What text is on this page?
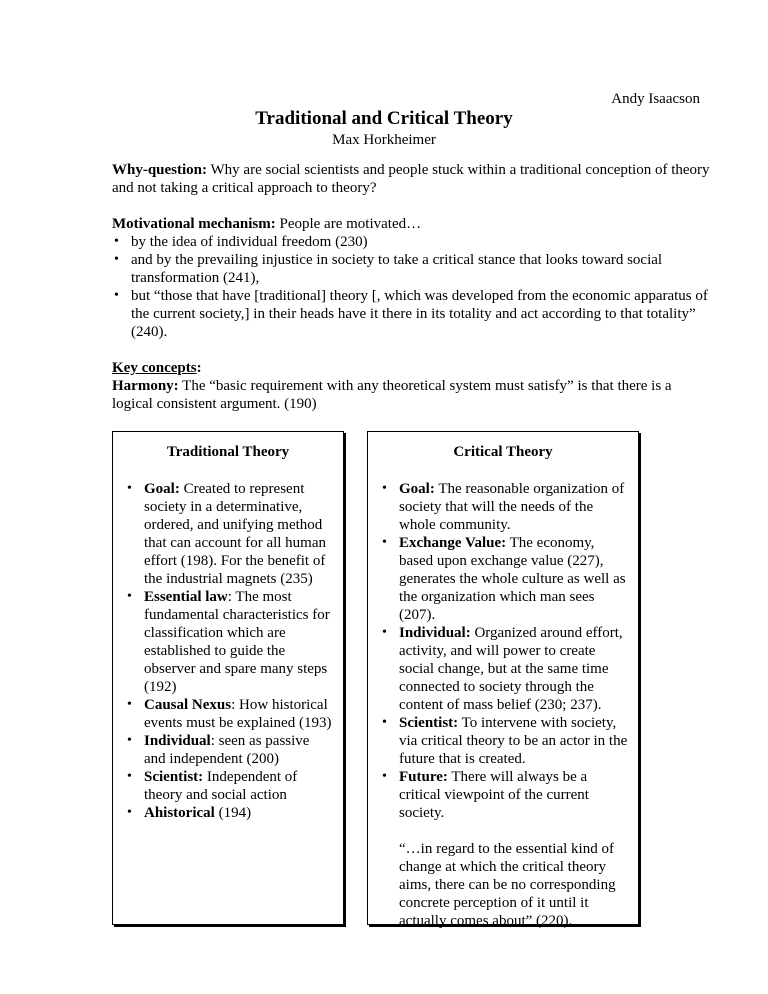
Andy Isaacson
Traditional and Critical Theory
Max Horkheimer
Why-question: Why are social scientists and people stuck within a traditional conception of theory and not taking a critical approach to theory?
Motivational mechanism: People are motivated…
• by the idea of individual freedom (230)
• and by the prevailing injustice in society to take a critical stance that looks toward social transformation (241),
• but “those that have [traditional] theory [, which was developed from the economic apparatus of the current society,] in their heads have it there in its totality and act according to that totality” (240).
Key concepts:
Harmony: The “basic requirement with any theoretical system must satisfy” is that there is a logical consistent argument. (190)
Traditional Theory
• Goal: Created to represent society in a determinative, ordered, and unifying method that can account for all human effort (198). For the benefit of the industrial magnets (235)
• Essential law: The most fundamental characteristics for classification which are established to guide the observer and spare many steps (192)
• Causal Nexus: How historical events must be explained (193)
• Individual: seen as passive and independent (200)
• Scientist: Independent of theory and social action
• Ahistorical (194)
Critical Theory
• Goal: The reasonable organization of society that will the needs of the whole community.
• Exchange Value: The economy, based upon exchange value (227), generates the whole culture as well as the organization which man sees (207).
• Individual: Organized around effort, activity, and will power to create social change, but at the same time connected to society through the content of mass belief (230; 237).
• Scientist: To intervene with society, via critical theory to be an actor in the future that is created.
• Future: There will always be a critical viewpoint of the current society.
“…in regard to the essential kind of change at which the critical theory aims, there can be no corresponding concrete perception of it until it actually comes about” (220).
